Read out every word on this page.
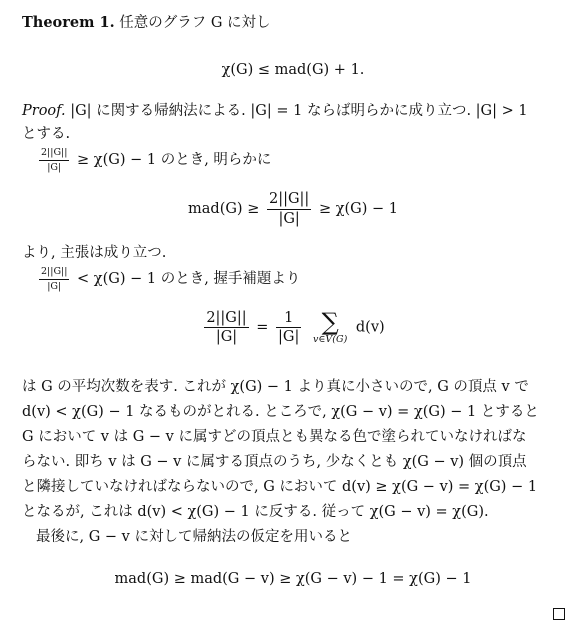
Theorem 1. 任意のグラフ G に対し
χ(G) ≤ mad(G) + 1.
Proof. |G| に関する帰納法による. |G| = 1 ならば明らかに成り立つ. |G| > 1
とする.
$\frac{2||G||}{|G|} \ge \chi(G) - 1$ のとき, 明らかに
$mad(G) \ge \frac{2||G||}{|G|} \ge \chi(G) - 1$
より, 主張は成り立つ.
$\frac{2||G||}{|G|} < \chi(G) - 1$ のとき, 握手補題より
$\frac{2||G||}{|G|} = \frac{1}{|G|}$
∑
v∈V(G)
d(v)
は G の平均次数を表す. これが χ(G) − 1 より真に小さいので, G の頂点 v で
d(v) < χ(G) − 1 なるものがとれる. ところで, χ(G − v) = χ(G) − 1 とすると
G において v は G − v に属すどの頂点とも異なる色で塗られていなければな
らない. 即ち v は G − v に属する頂点のうち, 少なくとも χ(G − v) 個の頂点
と隣接していなければならないので, G において d(v) ≥ χ(G − v) = χ(G) − 1
となるが, これは d(v) < χ(G) − 1 に反する. 従って χ(G − v) = χ(G).
最後に, G − v に対して帰納法の仮定を用いると
mad(G) ≥ mad(G − v) ≥ χ(G − v) − 1 = χ(G) − 1
